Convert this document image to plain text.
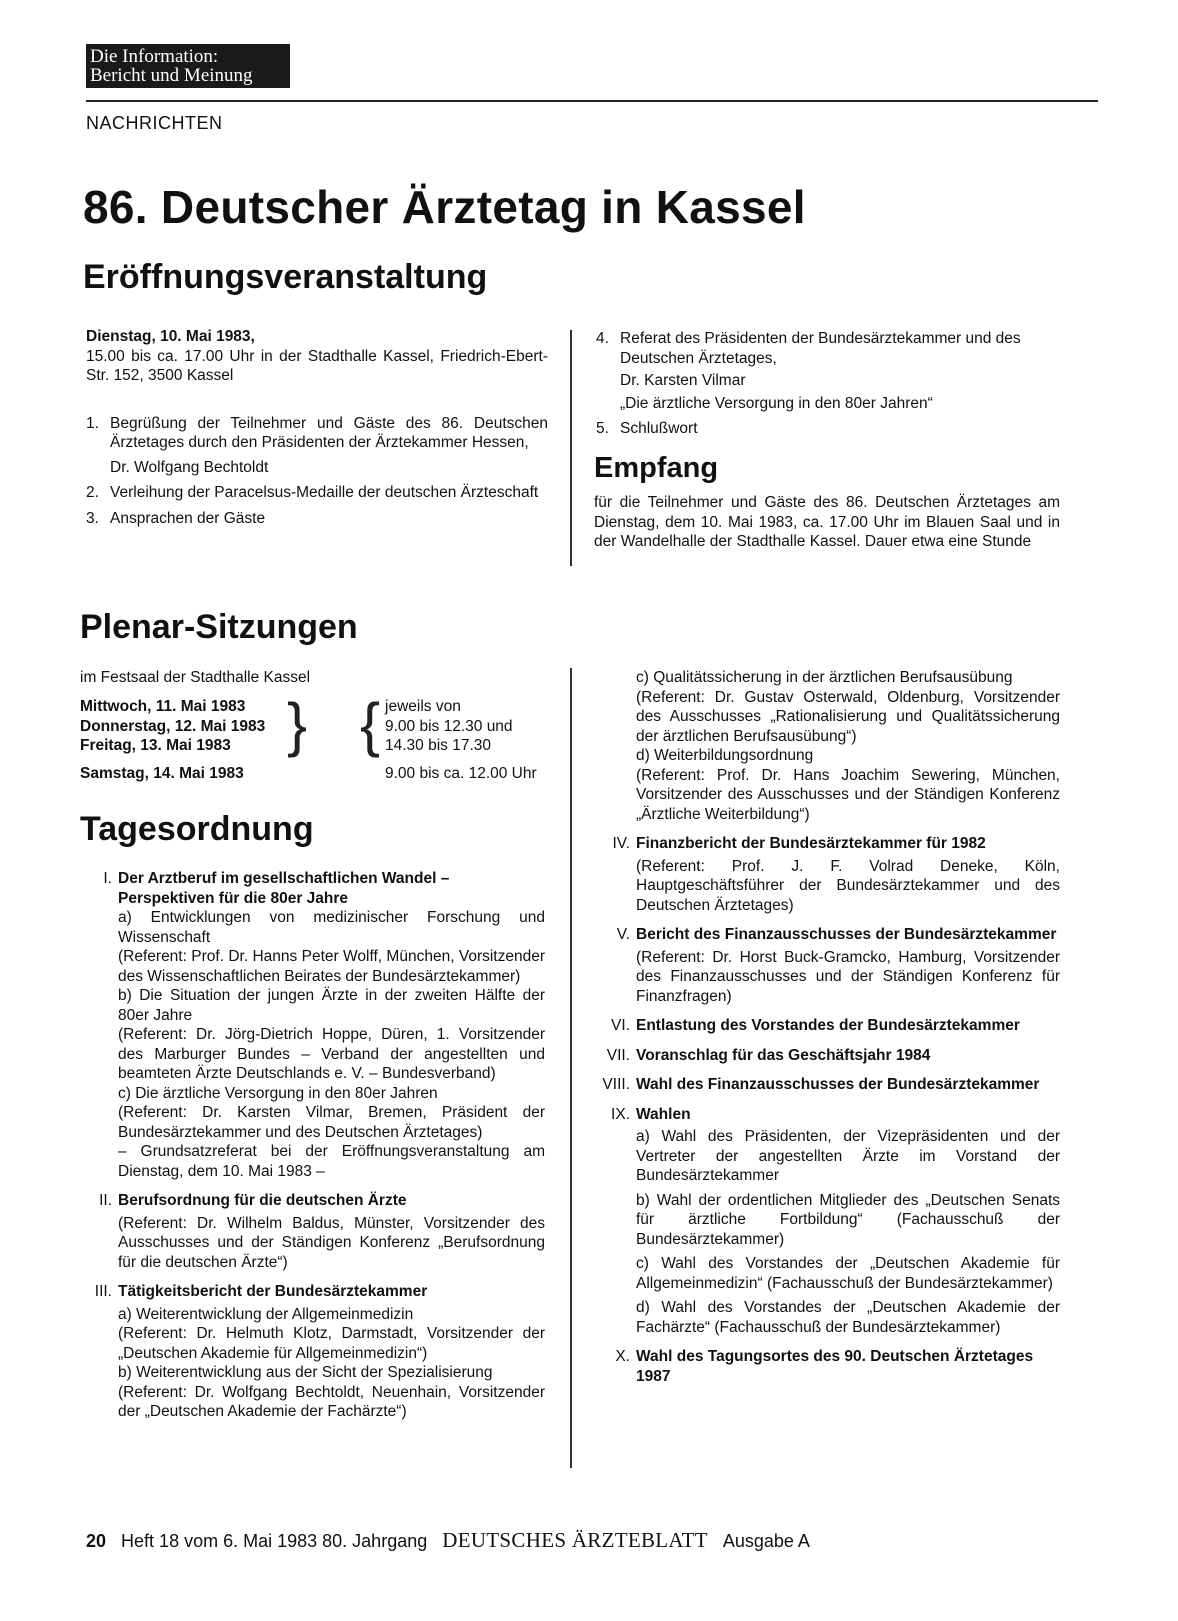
Die Information:
Bericht und Meinung
NACHRICHTEN
86. Deutscher Ärztetag in Kassel
Eröffnungsveranstaltung

Dienstag, 10. Mai 1983,

15.00 bis ca. 17.00 Uhr in der Stadthalle Kassel, Friedrich-Ebert-Str. 152, 3500 Kassel

1. Begrüßung der Teilnehmer und Gäste des 86. Deutschen Ärztetages durch den Präsidenten der Ärztekammer Hessen,

Dr. Wolfgang Bechtoldt

2. Verleihung der Paracelsus-Medaille der deutschen Ärzteschaft

3. Ansprachen der Gäste

4. Referat des Präsidenten der Bundesärztekammer und des Deutschen Ärztetages,

Dr. Karsten Vilmar

„Die ärztliche Versorgung in den 80er Jahren“

5. Schlußwort

Empfang

für die Teilnehmer und Gäste des 86. Deutschen Ärztetages am Dienstag, dem 10. Mai 1983, ca. 17.00 Uhr im Blauen Saal und in der Wandelhalle der Stadthalle Kassel. Dauer etwa eine Stunde

Plenar-Sitzungen

im Festsaal der Stadthalle Kassel

Mittwoch, 11. Mai 1983

Donnerstag, 12. Mai 1983

Freitag, 13. Mai 1983 } { jeweils von

9.00 bis 12.30 und

14.30 bis 17.30

Samstag, 14. Mai 1983	9.00 bis ca. 12.00 Uhr

Tagesordnung
I. Der Arztberuf im gesellschaftlichen Wandel – Perspektiven für die 80er Jahre

a) Entwicklungen von medizinischer Forschung und Wissenschaft

(Referent: Prof. Dr. Hanns Peter Wolff, München, Vorsitzender des Wissenschaftlichen Beirates der Bundesärztekammer)

b) Die Situation der jungen Ärzte in der zweiten Hälfte der 80er Jahre

(Referent: Dr. Jörg-Dietrich Hoppe, Düren, 1. Vorsitzender des Marburger Bundes – Verband der angestellten und beamteten Ärzte Deutschlands e. V. – Bundesverband)

c) Die ärztliche Versorgung in den 80er Jahren

(Referent: Dr. Karsten Vilmar, Bremen, Präsident der Bundesärztekammer und des Deutschen Ärztetages)

– Grundsatzreferat bei der Eröffnungsveranstaltung am Dienstag, dem 10. Mai 1983 –

II. Berufsordnung für die deutschen Ärzte

(Referent: Dr. Wilhelm Baldus, Münster, Vorsitzender des Ausschusses und der Ständigen Konferenz „Berufsordnung für die deutschen Ärzte“)

III. Tätigkeitsbericht der Bundesärztekammer

a) Weiterentwicklung der Allgemeinmedizin

(Referent: Dr. Helmuth Klotz, Darmstadt, Vorsitzender der „Deutschen Akademie für Allgemeinmedizin“)

b) Weiterentwicklung aus der Sicht der Spezialisierung

(Referent: Dr. Wolfgang Bechtoldt, Neuenhain, Vorsitzender der „Deutschen Akademie der Fachärzte“)

c) Qualitätssicherung in der ärztlichen Berufsausübung

(Referent: Dr. Gustav Osterwald, Oldenburg, Vorsitzender des Ausschusses „Rationalisierung und Qualitätssicherung der ärztlichen Berufsausübung“)

d) Weiterbildungsordnung

(Referent: Prof. Dr. Hans Joachim Sewering, München, Vorsitzender des Ausschusses und der Ständigen Konferenz „Ärztliche Weiterbildung“)

IV. Finanzbericht der Bundesärztekammer für 1982

(Referent: Prof. J. F. Volrad Deneke, Köln, Hauptgeschäftsführer der Bundesärztekammer und des Deutschen Ärztetages)

V. Bericht des Finanzausschusses der Bundesärztekammer

(Referent: Dr. Horst Buck-Gramcko, Hamburg, Vorsitzender des Finanzausschusses und der Ständigen Konferenz für Finanzfragen)

VI. Entlastung des Vorstandes der Bundesärztekammer

VII. Voranschlag für das Geschäftsjahr 1984

VIII. Wahl des Finanzausschusses der Bundesärztekammer

IX. Wahlen

a) Wahl des Präsidenten, der Vizepräsidenten und der Vertreter der angestellten Ärzte im Vorstand der Bundesärztekammer

b) Wahl der ordentlichen Mitglieder des „Deutschen Senats für ärztliche Fortbildung“ (Fachausschuß der Bundesärztekammer)

c) Wahl des Vorstandes der „Deutschen Akademie für Allgemeinmedizin“ (Fachausschuß der Bundesärztekammer)

d) Wahl des Vorstandes der „Deutschen Akademie der Fachärzte“ (Fachausschuß der Bundesärztekammer)

X. Wahl des Tagungsortes des 90. Deutschen Ärztetages 1987

20 Heft 18 vom 6. Mai 1983 80. Jahrgang DEUTSCHES ÄRZTEBLATT Ausgabe A
